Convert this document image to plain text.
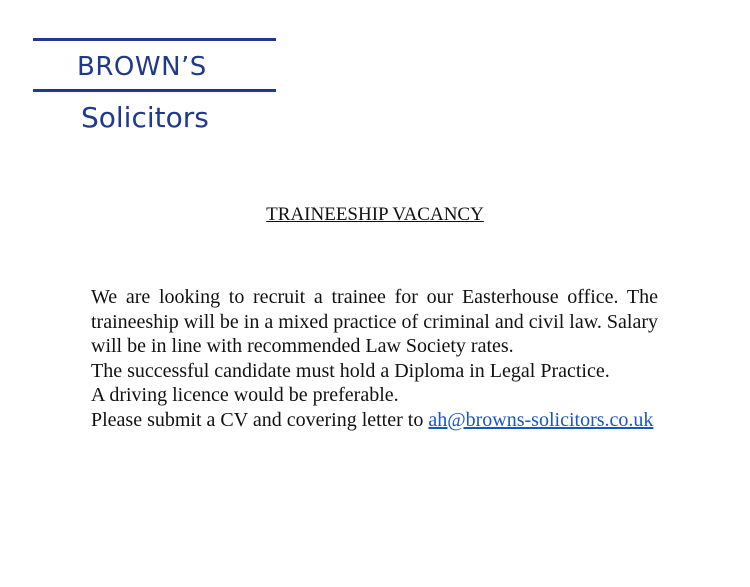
BROWN’S
Solicitors
TRAINEESHIP VACANCY

We are looking to recruit a trainee for our Easterhouse office. The traineeship will be in a mixed practice of criminal and civil law. Salary will be in line with recommended Law Society rates.

The successful candidate must hold a Diploma in Legal Practice.

A driving licence would be preferable.

Please submit a CV and covering letter to ah@browns-solicitors.co.uk
